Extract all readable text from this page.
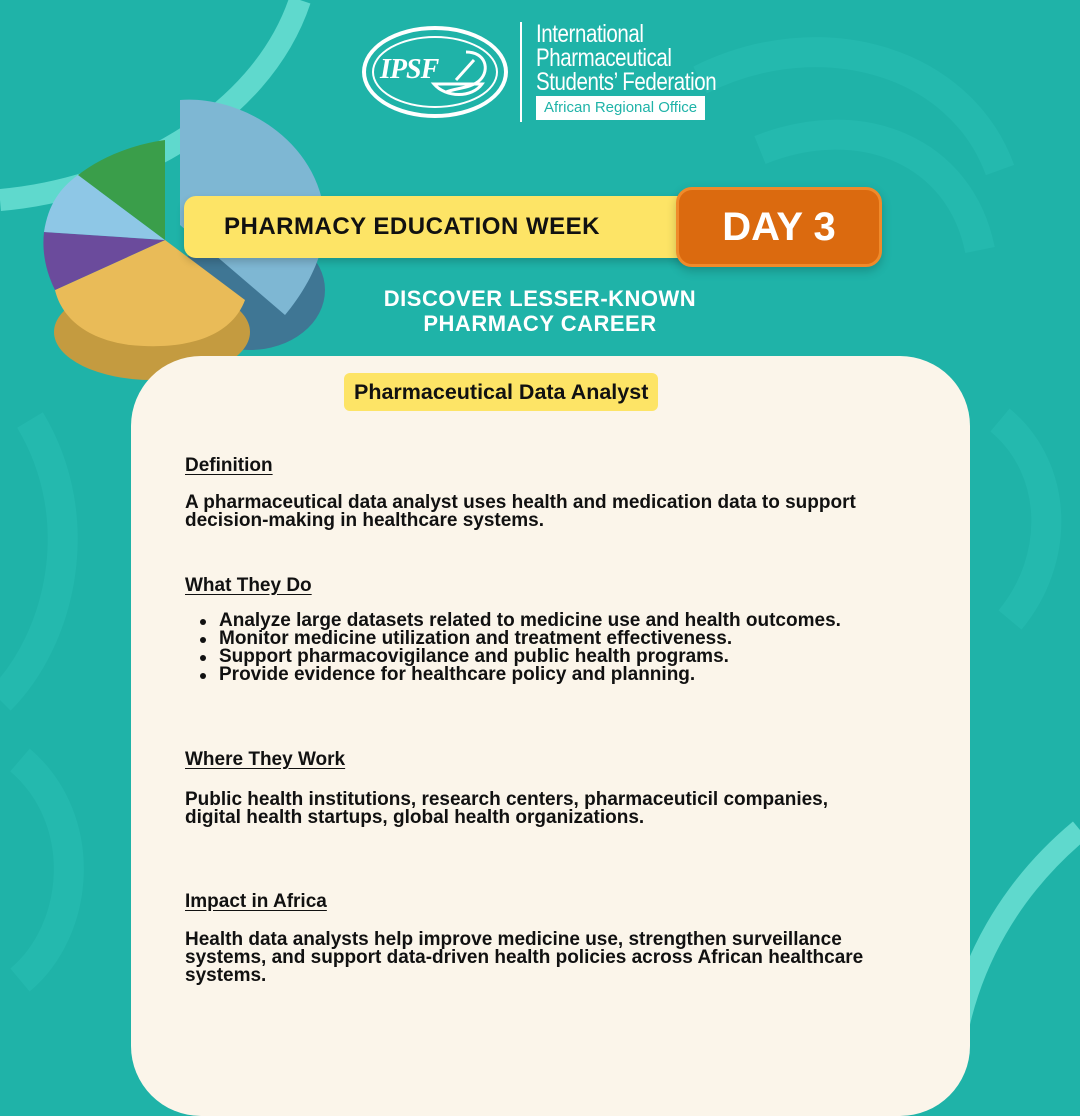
IPSF
International
Pharmaceutical
Students’ Federation
African Regional Office
PHARMACY EDUCATION WEEK	DAY 3
DISCOVER LESSER-KNOWN
PHARMACY CAREER
Pharmaceutical Data Analyst
Definition

A pharmaceutical data analyst uses health and medication data to support decision-making in healthcare systems.

What They Do
Analyze large datasets related to medicine use and health outcomes.
Monitor medicine utilization and treatment effectiveness.
Support pharmacovigilance and public health programs.
Provide evidence for healthcare policy and planning.
Where They Work

Public health institutions, research centers, pharmaceuticil companies, digital health startups, global health organizations.

Impact in Africa

Health data analysts help improve medicine use, strengthen surveillance systems, and support data-driven health policies across African healthcare systems.
